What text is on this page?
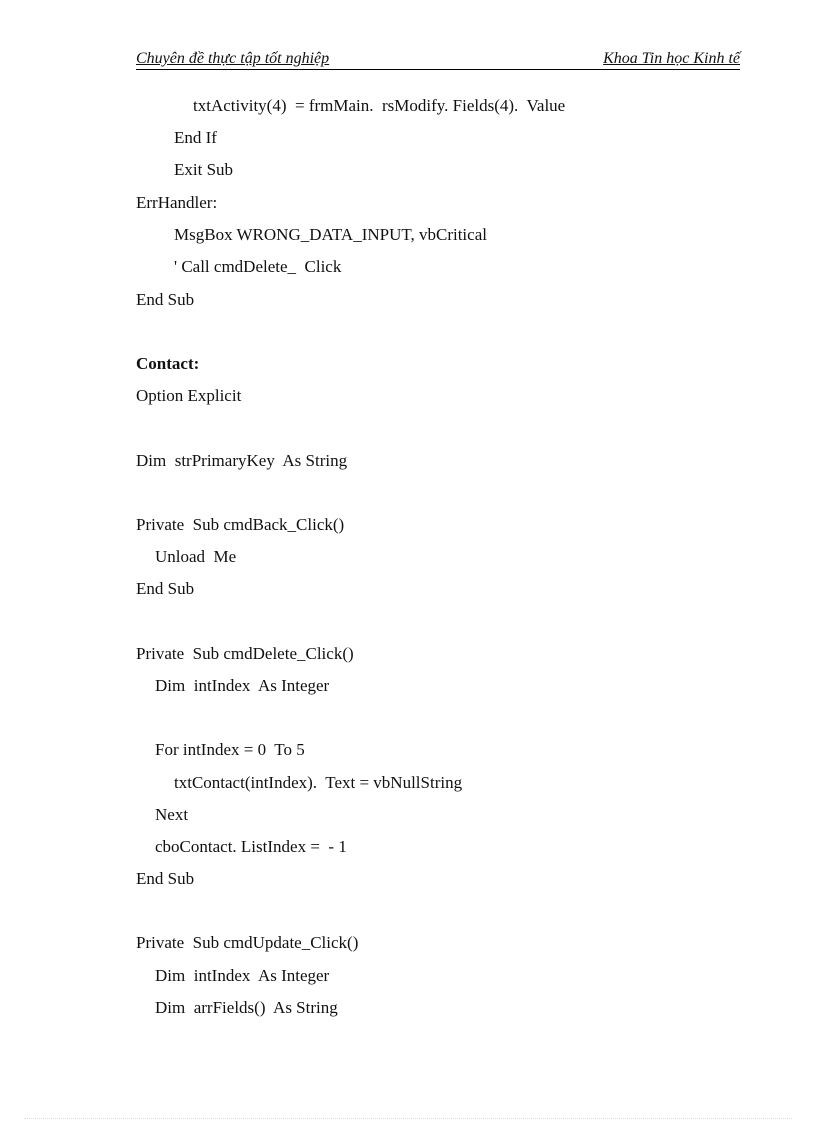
Chuyên đề thực tập tốt nghiệp	Khoa Tin học Kinh tế
txtActivity(4)  = frmMain.  rsModify. Fields(4).  Value
End If
Exit Sub
ErrHandler:
MsgBox WRONG_DATA_INPUT, vbCritical
' Call cmdDelete_  Click
End Sub
Contact:
Option Explicit
Dim  strPrimaryKey  As String
Private  Sub cmdBack_Click()
Unload  Me
End Sub
Private  Sub cmdDelete_Click()
Dim  intIndex  As Integer
For intIndex = 0  To 5
txtContact(intIndex).  Text = vbNullString
Next
cboContact. ListIndex =  - 1
End Sub
Private  Sub cmdUpdate_Click()
Dim  intIndex  As Integer
Dim  arrFields()  As String
